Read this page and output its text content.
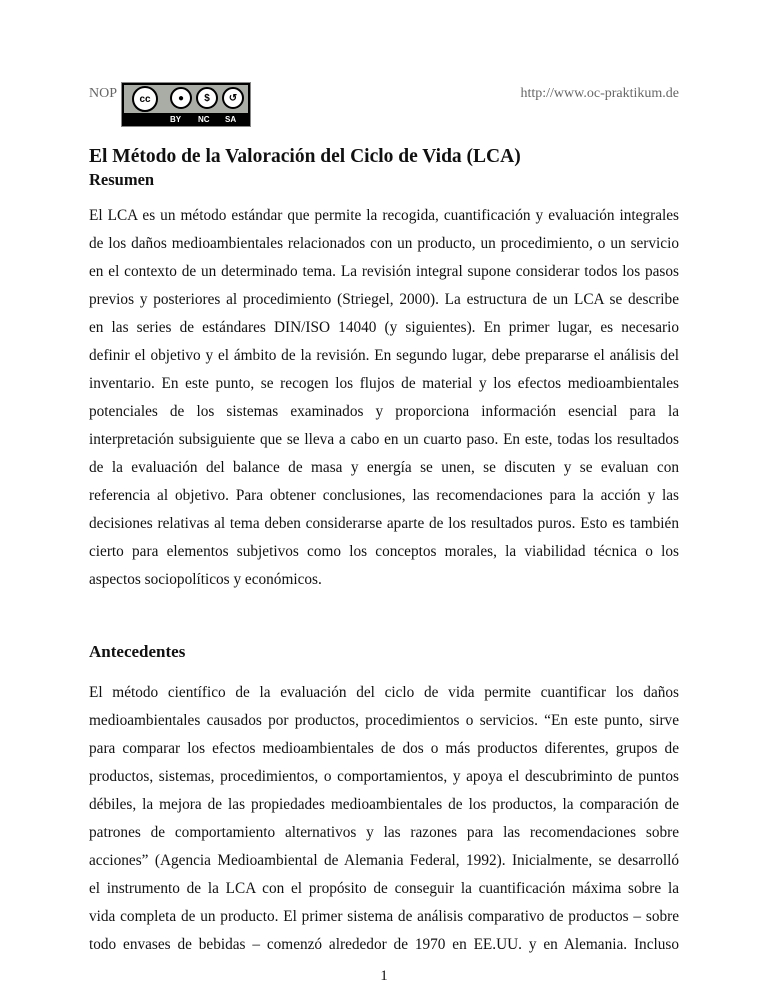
NOP	cc	●	$	↺
BY NC SA
http://www.oc-praktikum.de
El Método de la Valoración del Ciclo de Vida (LCA)
Resumen
El LCA es un método estándar que permite la recogida, cuantificación y evaluación integrales
de los daños medioambientales relacionados con un producto, un procedimiento, o un servicio
en el contexto de un determinado tema. La revisión integral supone considerar todos los pasos
previos y posteriores al procedimiento (Striegel, 2000). La estructura de un LCA se describe
en las series de estándares DIN/ISO 14040 (y siguientes). En primer lugar, es necesario
definir el objetivo y el ámbito de la revisión. En segundo lugar, debe prepararse el análisis del
inventario. En este punto, se recogen los flujos de material y los efectos medioambientales
potenciales de los sistemas examinados y proporciona información esencial para la
interpretación subsiguiente que se lleva a cabo en un cuarto paso. En este, todas los resultados
de la evaluación del balance de masa y energía se unen, se discuten y se evaluan con
referencia al objetivo. Para obtener conclusiones, las recomendaciones para la acción y las
decisiones relativas al tema deben considerarse aparte de los resultados puros. Esto es también
cierto para elementos subjetivos como los conceptos morales, la viabilidad técnica o los
aspectos sociopolíticos y económicos.
Antecedentes
El método científico de la evaluación del ciclo de vida permite cuantificar los daños
medioambientales causados por productos, procedimientos o servicios. “En este punto, sirve
para comparar los efectos medioambientales de dos o más productos diferentes, grupos de
productos, sistemas, procedimientos, o comportamientos, y apoya el descubriminto de puntos
débiles, la mejora de las propiedades medioambientales de los productos, la comparación de
patrones de comportamiento alternativos y las razones para las recomendaciones sobre
acciones” (Agencia Medioambiental de Alemania Federal, 1992). Inicialmente, se desarrolló
el instrumento de la LCA con el propósito de conseguir la cuantificación máxima sobre la
vida completa de un producto. El primer sistema de análisis comparativo de productos – sobre
todo envases de bebidas – comenzó alrededor de 1970 en EE.UU. y en Alemania. Incluso
1
